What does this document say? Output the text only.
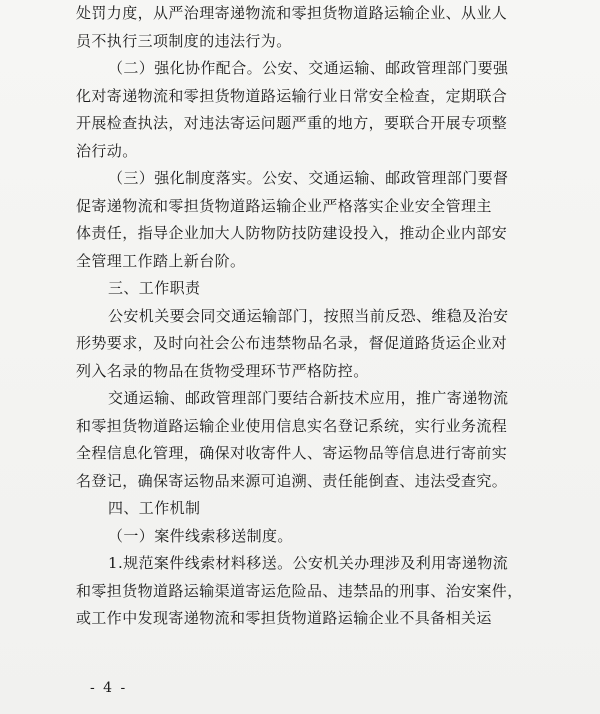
处罚力度，从严治理寄递物流和零担货物道路运输企业、从业人
员不执行三项制度的违法行为。
（二）强化协作配合。公安、交通运输、邮政管理部门要强
化对寄递物流和零担货物道路运输行业日常安全检查，定期联合
开展检查执法，对违法寄运问题严重的地方，要联合开展专项整
治行动。
（三）强化制度落实。公安、交通运输、邮政管理部门要督
促寄递物流和零担货物道路运输企业严格落实企业安全管理主
体责任，指导企业加大人防物防技防建设投入，推动企业内部安
全管理工作踏上新台阶。
三、工作职责
公安机关要会同交通运输部门，按照当前反恐、维稳及治安
形势要求，及时向社会公布违禁物品名录，督促道路货运企业对
列入名录的物品在货物受理环节严格防控。
交通运输、邮政管理部门要结合新技术应用，推广寄递物流
和零担货物道路运输企业使用信息实名登记系统，实行业务流程
全程信息化管理，确保对收寄件人、寄运物品等信息进行寄前实
名登记，确保寄运物品来源可追溯、责任能倒查、违法受查究。
四、工作机制
（一）案件线索移送制度。
1.规范案件线索材料移送。公安机关办理涉及利用寄递物流
和零担货物道路运输渠道寄运危险品、违禁品的刑事、治安案件，
或工作中发现寄递物流和零担货物道路运输企业不具备相关运
- 4 -
